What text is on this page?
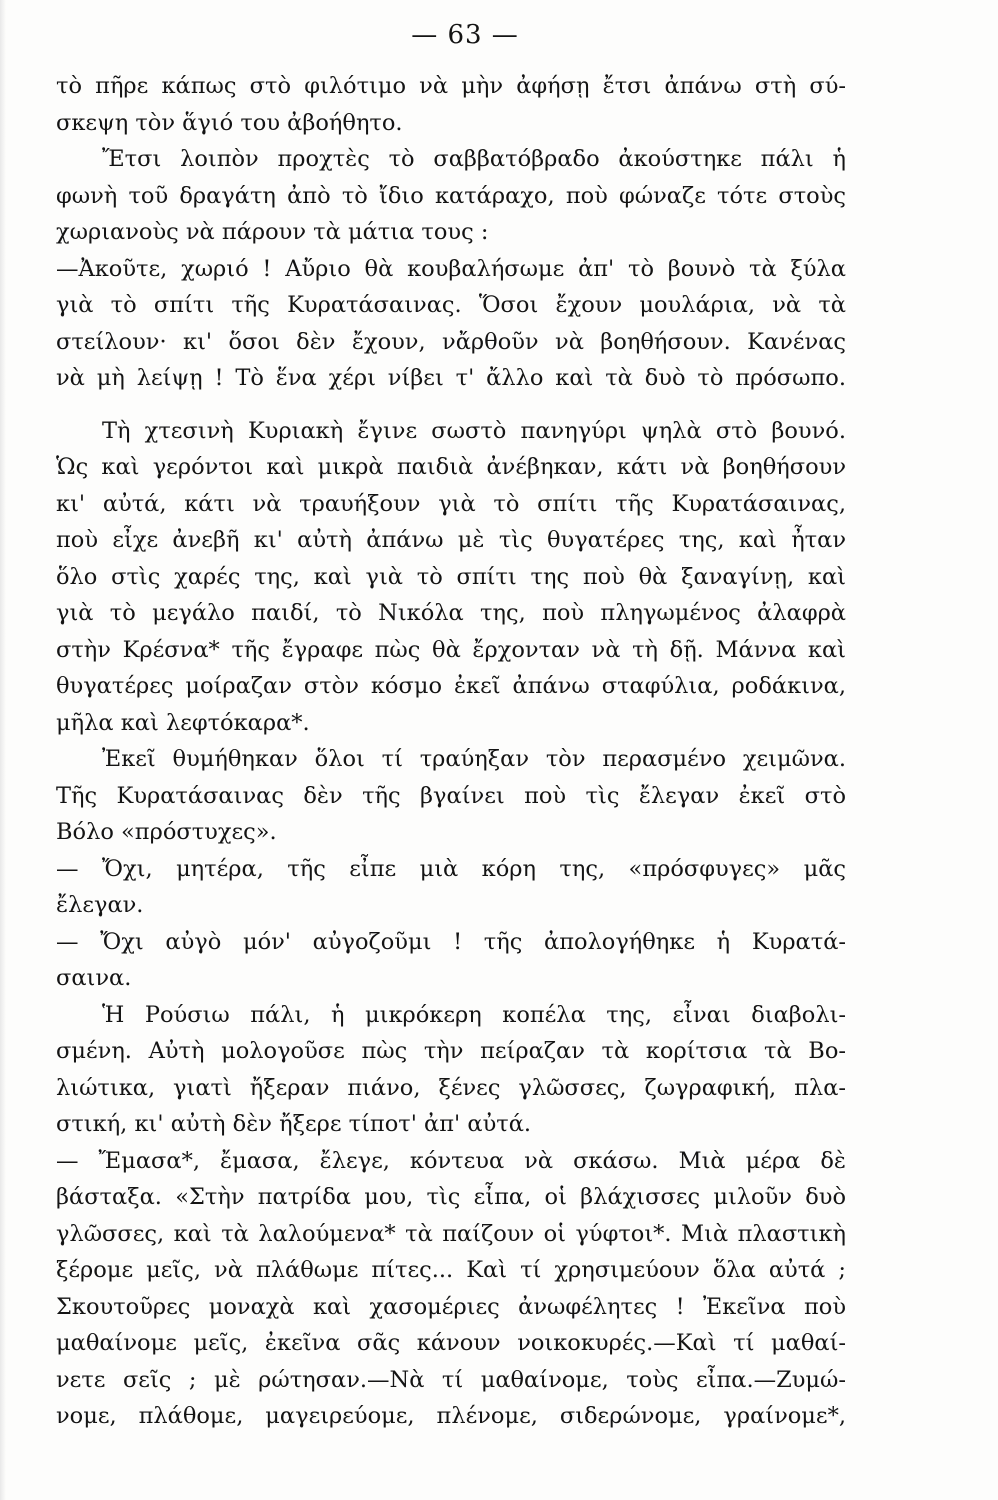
— 63 —
τὸ πῆρε κάπως στὸ φιλότιμο νὰ μὴν ἀφήσῃ ἔτσι ἀπάνω στὴ σύ-
σκεψη τὸν ἅγιό του ἀβοήθητο.
Ἔτσι λοιπὸν προχτὲς τὸ σαββατόβραδο ἀκούστηκε πάλι ἡ
φωνὴ τοῦ δραγάτη ἀπὸ τὸ ἴδιο κατάραχο, ποὺ φώναζε τότε στοὺς
χωριανοὺς νὰ πάρουν τὰ μάτια τους :
—Ἀκοῦτε, χωριό ! Αὔριο θὰ κουβαλήσωμε ἀπ' τὸ βουνὸ τὰ ξύλα
γιὰ τὸ σπίτι τῆς Κυρατάσαινας. Ὅσοι ἔχουν μουλάρια, νὰ τὰ
στείλουν· κι' ὅσοι δὲν ἔχουν, νἄρθοῦν νὰ βοηθήσουν. Κανένας
νὰ μὴ λείψῃ ! Τὸ ἕνα χέρι νίβει τ' ἄλλο καὶ τὰ δυὸ τὸ πρόσωπο.
Τὴ χτεσινὴ Κυριακὴ ἔγινε σωστὸ πανηγύρι ψηλὰ στὸ βουνό.
Ὡς καὶ γερόντοι καὶ μικρὰ παιδιὰ ἀνέβηκαν, κάτι νὰ βοηθήσουν
κι' αὐτά, κάτι νὰ τραυήξουν γιὰ τὸ σπίτι τῆς Κυρατάσαινας,
ποὺ εἶχε ἀνεβῆ κι' αὐτὴ ἀπάνω μὲ τὶς θυγατέρες της, καὶ ἦταν
ὅλο στὶς χαρές της, καὶ γιὰ τὸ σπίτι της ποὺ θὰ ξαναγίνῃ, καὶ
γιὰ τὸ μεγάλο παιδί, τὸ Νικόλα της, ποὺ πληγωμένος ἀλαφρὰ
στὴν Κρέσνα* τῆς ἔγραφε πὼς θὰ ἔρχονταν νὰ τὴ δῇ. Μάννα καὶ
θυγατέρες μοίραζαν στὸν κόσμο ἐκεῖ ἀπάνω σταφύλια, ροδάκινα,
μῆλα καὶ λεφτόκαρα*.
Ἐκεῖ θυμήθηκαν ὅλοι τί τραύηξαν τὸν περασμένο χειμῶνα.
Τῆς Κυρατάσαινας δὲν τῆς βγαίνει ποὺ τὶς ἔλεγαν ἐκεῖ στὸ
Βόλο «πρόστυχες».
— Ὄχι, μητέρα, τῆς εἶπε μιὰ κόρη της, «πρόσφυγες» μᾶς
ἔλεγαν.
— Ὄχι αὐγὸ μόν' αὐγοζοῦμι ! τῆς ἀπολογήθηκε ἡ Κυρατά-
σαινα.
Ἡ Ρούσιω πάλι, ἡ μικρόκερη κοπέλα της, εἶναι διαβολι-
σμένη. Αὐτὴ μολογοῦσε πὼς τὴν πείραζαν τὰ κορίτσια τὰ Βο-
λιώτικα, γιατὶ ἤξεραν πιάνο, ξένες γλῶσσες, ζωγραφική, πλα-
στική, κι' αὐτὴ δὲν ἤξερε τίποτ' ἀπ' αὐτά.
— Ἔμασα*, ἔμασα, ἔλεγε, κόντευα νὰ σκάσω. Μιὰ μέρα δὲ
βάσταξα. «Στὴν πατρίδα μου, τὶς εἶπα, οἱ βλάχισσες μιλοῦν δυὸ
γλῶσσες, καὶ τὰ λαλούμενα* τὰ παίζουν οἱ γύφτοι*. Μιὰ πλαστικὴ
ξέρομε μεῖς, νὰ πλάθωμε πίτες... Καὶ τί χρησιμεύουν ὅλα αὐτά ;
Σκουτοῦρες μοναχὰ καὶ χασομέριες ἀνωφέλητες ! Ἐκεῖνα ποὺ
μαθαίνομε μεῖς, ἐκεῖνα σᾶς κάνουν νοικοκυρές.—Καὶ τί μαθαί-
νετε σεῖς ; μὲ ρώτησαν.—Νὰ τί μαθαίνομε, τοὺς εἶπα.—Ζυμώ-
νομε, πλάθομε, μαγειρεύομε, πλένομε, σιδερώνομε, γραίνομε*,
